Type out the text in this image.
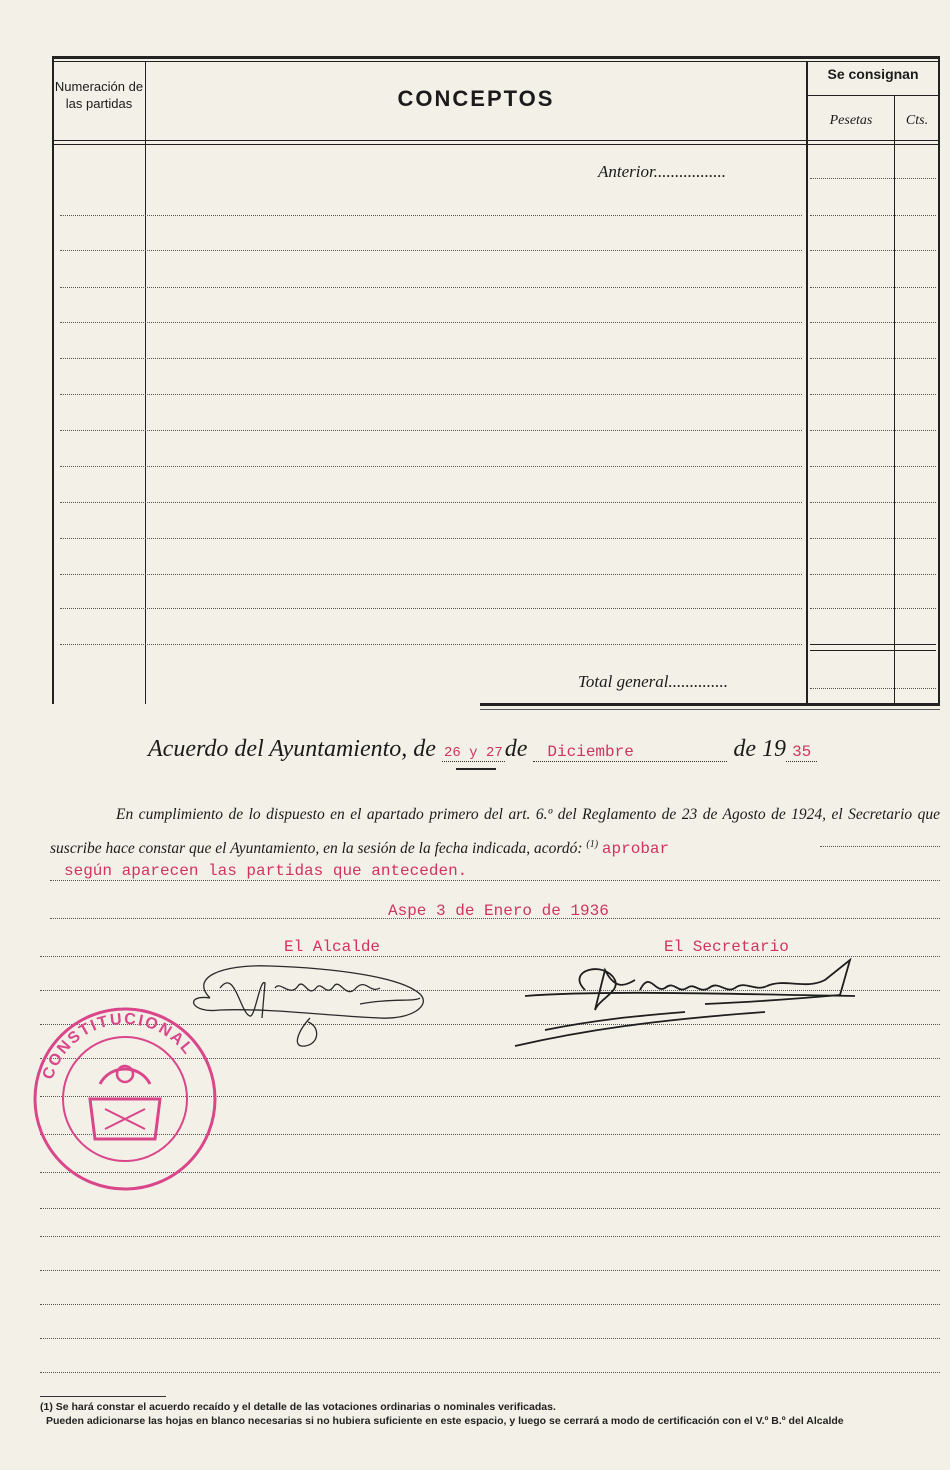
Numeración de las partidas	CONCEPTOS
Se consignan
Pesetas	Cts.
Anterior.................
Total general..............
Acuerdo del Ayuntamiento, de 26 y 27de Diciembre	de 19 35
En cumplimiento de lo dispuesto en el apartado primero del art. 6.º del Reglamento de 23 de Agosto de 1924, el Secretario que suscribe hace constar que el Ayuntamiento, en la sesión de la fecha indicada, acordó: $^{(1)}$ aprobar
según aparecen las partidas que anteceden.
Aspe 3 de Enero de 1936
El Alcalde	El Secretario
CONSTITUCIONAL
(1) Se hará constar el acuerdo recaído y el detalle de las votaciones ordinarias o nominales verificadas.
Pueden adicionarse las hojas en blanco necesarias si no hubiera suficiente en este espacio, y luego se cerrará a modo de certificación con el V.º B.º del Alcalde
